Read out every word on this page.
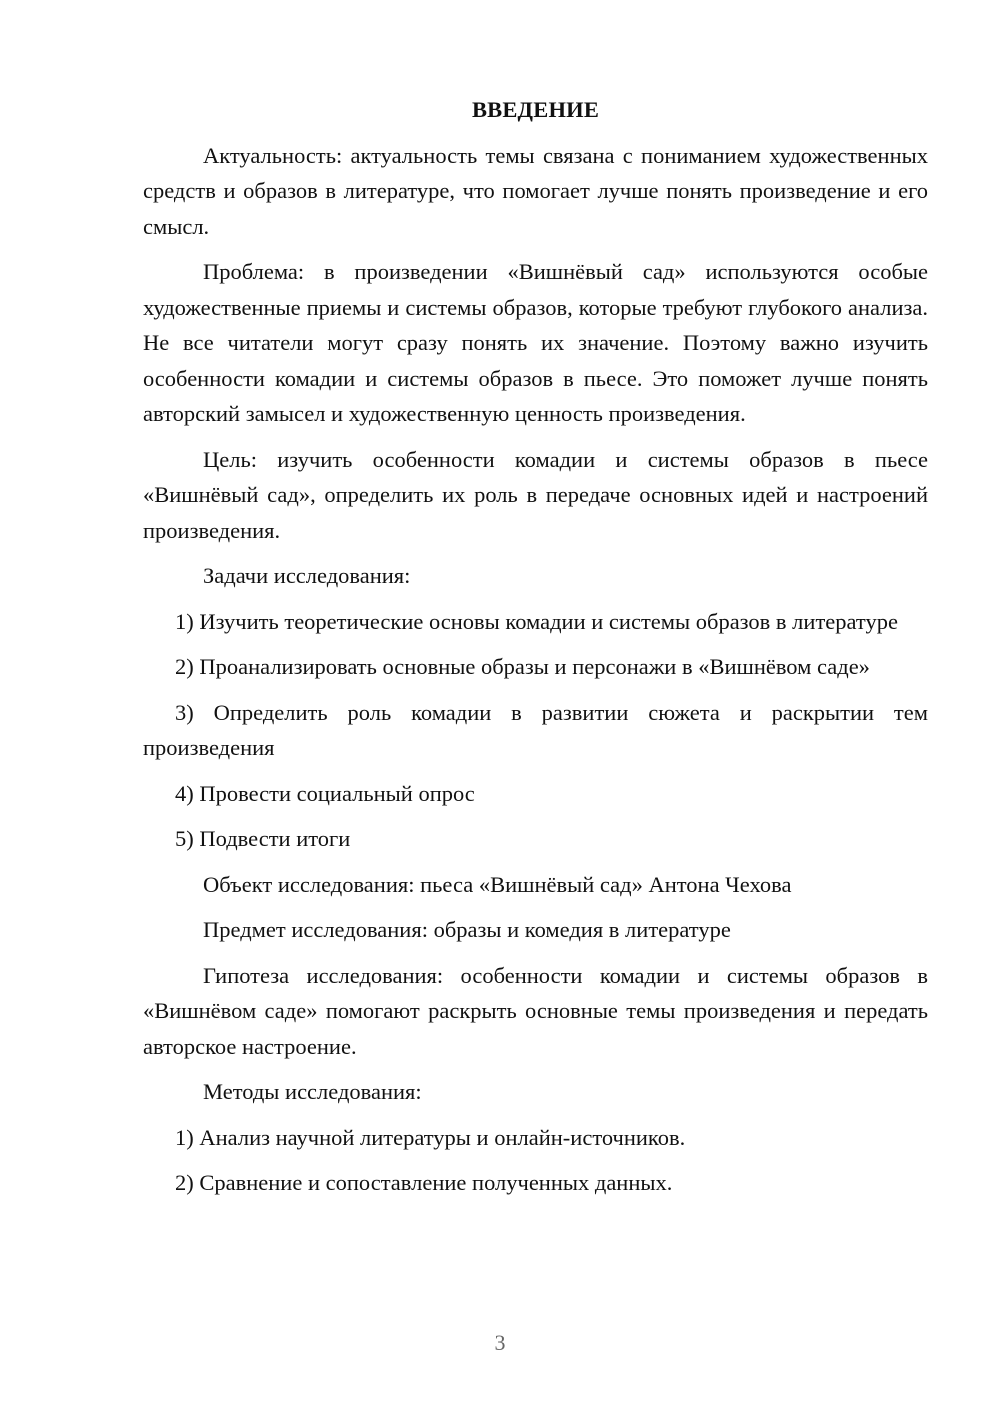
ВВЕДЕНИЕ

Актуальность: актуальность темы связана с пониманием художественных средств и образов в литературе, что помогает лучше понять произведение и его смысл.

Проблема: в произведении «Вишнёвый сад» используются особые художественные приемы и системы образов, которые требуют глубокого анализа. Не все читатели могут сразу понять их значение. Поэтому важно изучить особенности комадии и системы образов в пьесе. Это поможет лучше понять авторский замысел и художественную ценность произведения.

Цель: изучить особенности комадии и системы образов в пьесе «Вишнёвый сад», определить их роль в передаче основных идей и настроений произведения.

Задачи исследования:

1) Изучить теоретические основы комадии и системы образов в литературе

2) Проанализировать основные образы и персонажи в «Вишнёвом саде»

3) Определить роль комадии в развитии сюжета и раскрытии тем произведения

4) Провести социальный опрос

5) Подвести итоги

Объект исследования: пьеса «Вишнёвый сад» Антона Чехова

Предмет исследования: образы и комедия в литературе

Гипотеза исследования: особенности комадии и системы образов в «Вишнёвом саде» помогают раскрыть основные темы произведения и передать авторское настроение.

Методы исследования:

1) Анализ научной литературы и онлайн-источников.

2) Сравнение и сопоставление полученных данных.

3
